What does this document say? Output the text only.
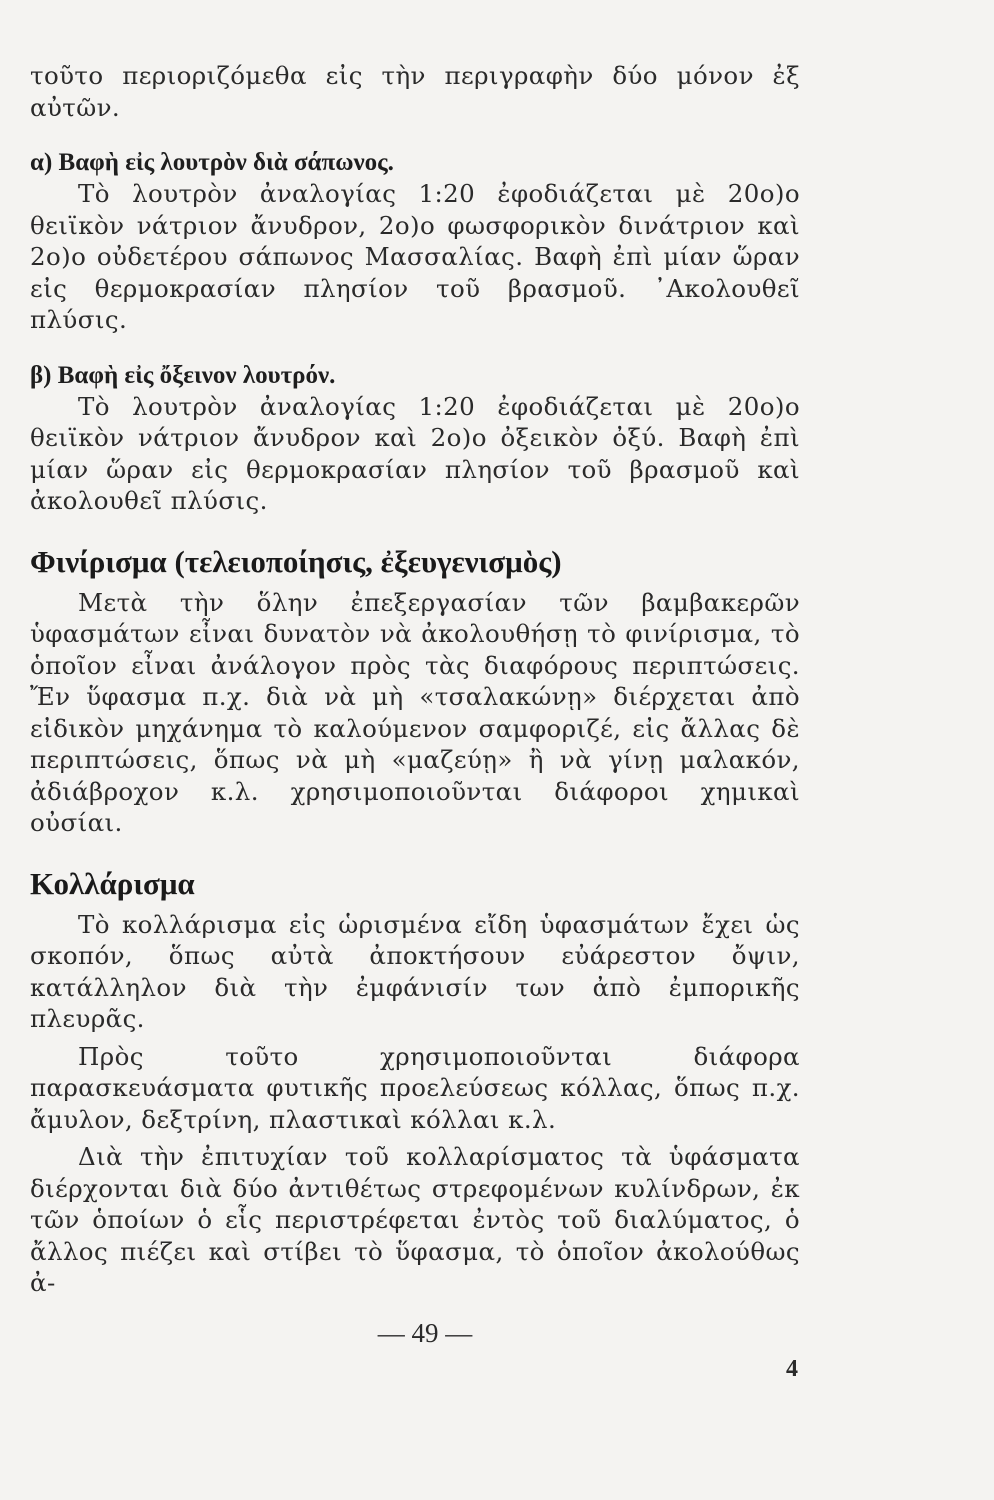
τοῦτο περιοριζόμεθα εἰς τὴν περιγραφὴν δύο μόνον ἐξ αὐτῶν.

α) Βαφὴ εἰς λουτρὸν διὰ σάπωνος.

Τὸ λουτρὸν ἀναλογίας 1:20 ἐφοδιάζεται μὲ 20ο)ο θειϊκὸν νάτριον ἄνυδρον, 2ο)ο φωσφορικὸν δινάτριον καὶ 2ο)ο οὐδετέρου σάπωνος Μασσαλίας. Βαφὴ ἐπὶ μίαν ὥραν εἰς θερμοκρασίαν πλησίον τοῦ βρασμοῦ. ᾿Ακολουθεῖ πλύσις.

β) Βαφὴ εἰς ὄξεινον λουτρόν.

Τὸ λουτρὸν ἀναλογίας 1:20 ἐφοδιάζεται μὲ 20ο)ο θειϊκὸν νάτριον ἄνυδρον καὶ 2ο)ο ὀξεικὸν ὀξύ. Βαφὴ ἐπὶ μίαν ὥραν εἰς θερμοκρασίαν πλησίον τοῦ βρασμοῦ καὶ ἀκολουθεῖ πλύσις.

Φινίρισμα (τελειοποίησις, ἐξευγενισμὸς)

Μετὰ τὴν ὅλην ἐπεξεργασίαν τῶν βαμβακερῶν ὑφασμάτων εἶναι δυνατὸν νὰ ἀκολουθήσῃ τὸ φινίρισμα, τὸ ὁποῖον εἶναι ἀνάλογον πρὸς τὰς διαφόρους περιπτώσεις. Ἔν ὕφασμα π.χ. διὰ νὰ μὴ «τσαλακώνῃ» διέρχεται ἀπὸ εἰδικὸν μηχάνημα τὸ καλούμενον σαμφοριζέ, εἰς ἄλλας δὲ περιπτώσεις, ὅπως νὰ μὴ «μαζεύῃ» ἢ νὰ γίνῃ μαλακόν, ἀδιάβροχον κ.λ. χρησιμοποιοῦνται διάφοροι χημικαὶ οὐσίαι.

Κολλάρισμα

Τὸ κολλάρισμα εἰς ὡρισμένα εἴδη ὑφασμάτων ἔχει ὡς σκοπόν, ὅπως αὐτὰ ἀποκτήσουν εὐάρεστον ὄψιν, κατάλληλον διὰ τὴν ἐμφάνισίν των ἀπὸ ἐμπορικῆς πλευρᾶς.

Πρὸς τοῦτο χρησιμοποιοῦνται διάφορα παρασκευάσματα φυτικῆς προελεύσεως κόλλας, ὅπως π.χ. ἄμυλον, δεξτρίνη, πλαστικαὶ κόλλαι κ.λ.

Διὰ τὴν ἐπιτυχίαν τοῦ κολλαρίσματος τὰ ὑφάσματα διέρχονται διὰ δύο ἀντιθέτως στρεφομένων κυλίνδρων, ἐκ τῶν ὁποίων ὁ εἷς περιστρέφεται ἐντὸς τοῦ διαλύματος, ὁ ἄλλος πιέζει καὶ στίβει τὸ ὕφασμα, τὸ ὁποῖον ἀκολούθως ἀ-

— 49 —
4
